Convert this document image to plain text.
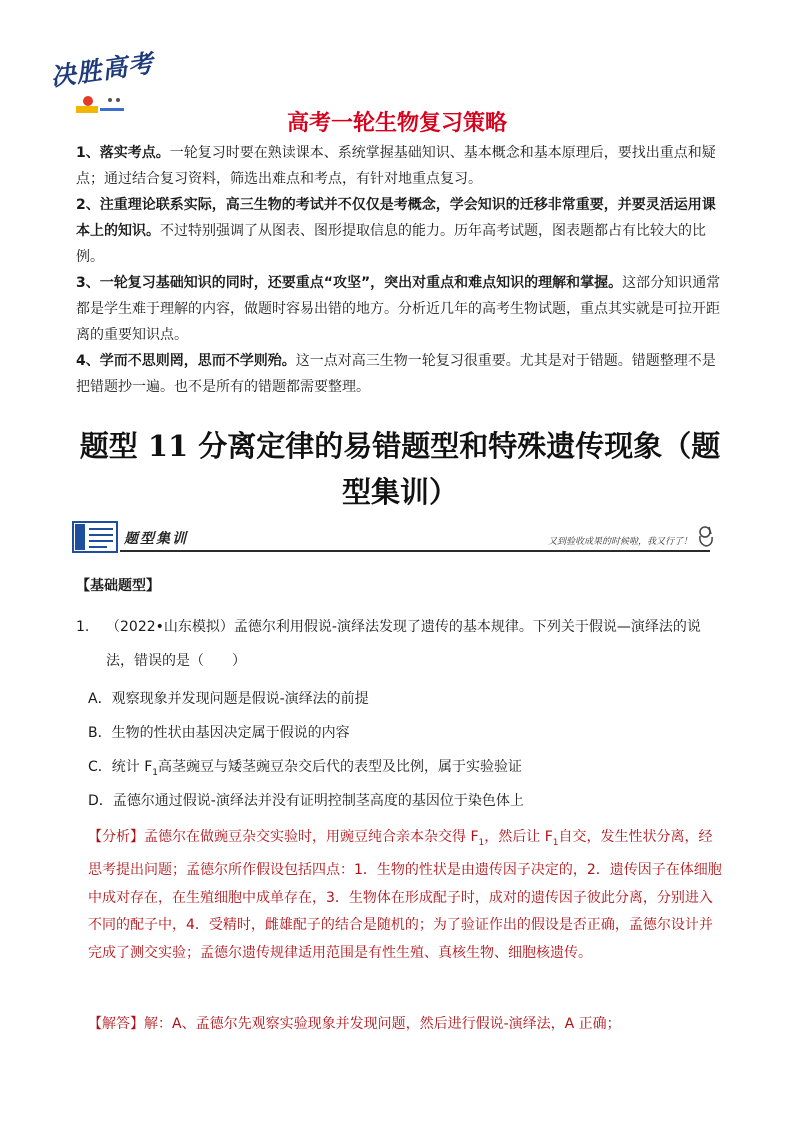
决胜高考
高考一轮生物复习策略

1、落实考点。一轮复习时要在熟读课本、系统掌握基础知识、基本概念和基本原理后，要找出重点和疑点；通过结合复习资料，筛选出难点和考点，有针对地重点复习。

2、注重理论联系实际，高三生物的考试并不仅仅是考概念，学会知识的迁移非常重要，并要灵活运用课本上的知识。不过特别强调了从图表、图形提取信息的能力。历年高考试题，图表题都占有比较大的比例。

3、一轮复习基础知识的同时，还要重点“攻坚”，突出对重点和难点知识的理解和掌握。这部分知识通常都是学生难于理解的内容，做题时容易出错的地方。分析近几年的高考生物试题，重点其实就是可拉开距离的重要知识点。

4、学而不思则罔，思而不学则殆。这一点对高三生物一轮复习很重要。尤其是对于错题。错题整理不是把错题抄一遍。也不是所有的错题都需要整理。

题型 11 分离定律的易错题型和特殊遗传现象（题型集训）
题型集训	又到验收成果的时候啦，我又行了！
【基础题型】
1.	（2022•山东模拟）孟德尔利用假说-演绎法发现了遗传的基本规律。下列关于假说—演绎法的说法，错误的是（　　）
A．观察现象并发现问题是假说-演绎法的前提
B．生物的性状由基因决定属于假说的内容
C．统计 $F_1$高茎豌豆与矮茎豌豆杂交后代的表型及比例，属于实验验证
D．孟德尔通过假说-演绎法并没有证明控制茎高度的基因位于染色体上
【分析】孟德尔在做豌豆杂交实验时，用豌豆纯合亲本杂交得 $F_1$，然后让 $F_1$自交，发生性状分离，经思考提出问题；孟德尔所作假设包括四点：1．生物的性状是由遗传因子决定的，2．遗传因子在体细胞中成对存在，在生殖细胞中成单存在，3．生物体在形成配子时，成对的遗传因子彼此分离，分别进入不同的配子中，4．受精时，雌雄配子的结合是随机的；为了验证作出的假设是否正确，孟德尔设计并完成了测交实验；孟德尔遗传规律适用范围是有性生殖、真核生物、细胞核遗传。
【解答】解：A、孟德尔先观察实验现象并发现问题，然后进行假说-演绎法，A 正确；
